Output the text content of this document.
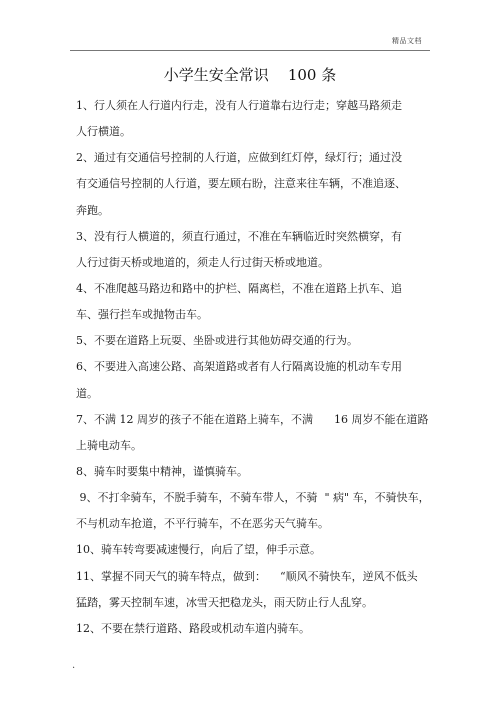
精品文档
小学生安全常识    100 条
1、行人须在人行道内行走，没有人行道靠右边行走；穿越马路须走
人行横道。
2、通过有交通信号控制的人行道，应做到红灯停，绿灯行；通过没
有交通信号控制的人行道，要左顾右盼，注意来往车辆，不准追逐、
奔跑。
3、没有行人横道的，须直行通过，不准在车辆临近时突然横穿，有
人行过街天桥或地道的，须走人行过街天桥或地道。
4、不准爬越马路边和路中的护栏、隔离栏，不准在道路上扒车、追
车、强行拦车或抛物击车。
5、不要在道路上玩耍、坐卧或进行其他妨碍交通的行为。
6、不要进入高速公路、高架道路或者有人行隔离设施的机动车专用
道。
7、不满 12 周岁的孩子不能在道路上骑车，不满      16 周岁不能在道路
上骑电动车。
8、骑车时要集中精神，谨慎骑车。
9、不打伞骑车，不脱手骑车，不骑车带人，不骑  " 病" 车，不骑快车，
不与机动车抢道，不平行骑车，不在恶劣天气骑车。
10、骑车转弯要减速慢行，向后了望，伸手示意。
11、掌握不同天气的骑车特点，做到：    “顺风不骑快车，逆风不低头
猛踏，雾天控制车速，冰雪天把稳龙头，雨天防止行人乱穿。
12、不要在禁行道路、路段或机动车道内骑车。
.
